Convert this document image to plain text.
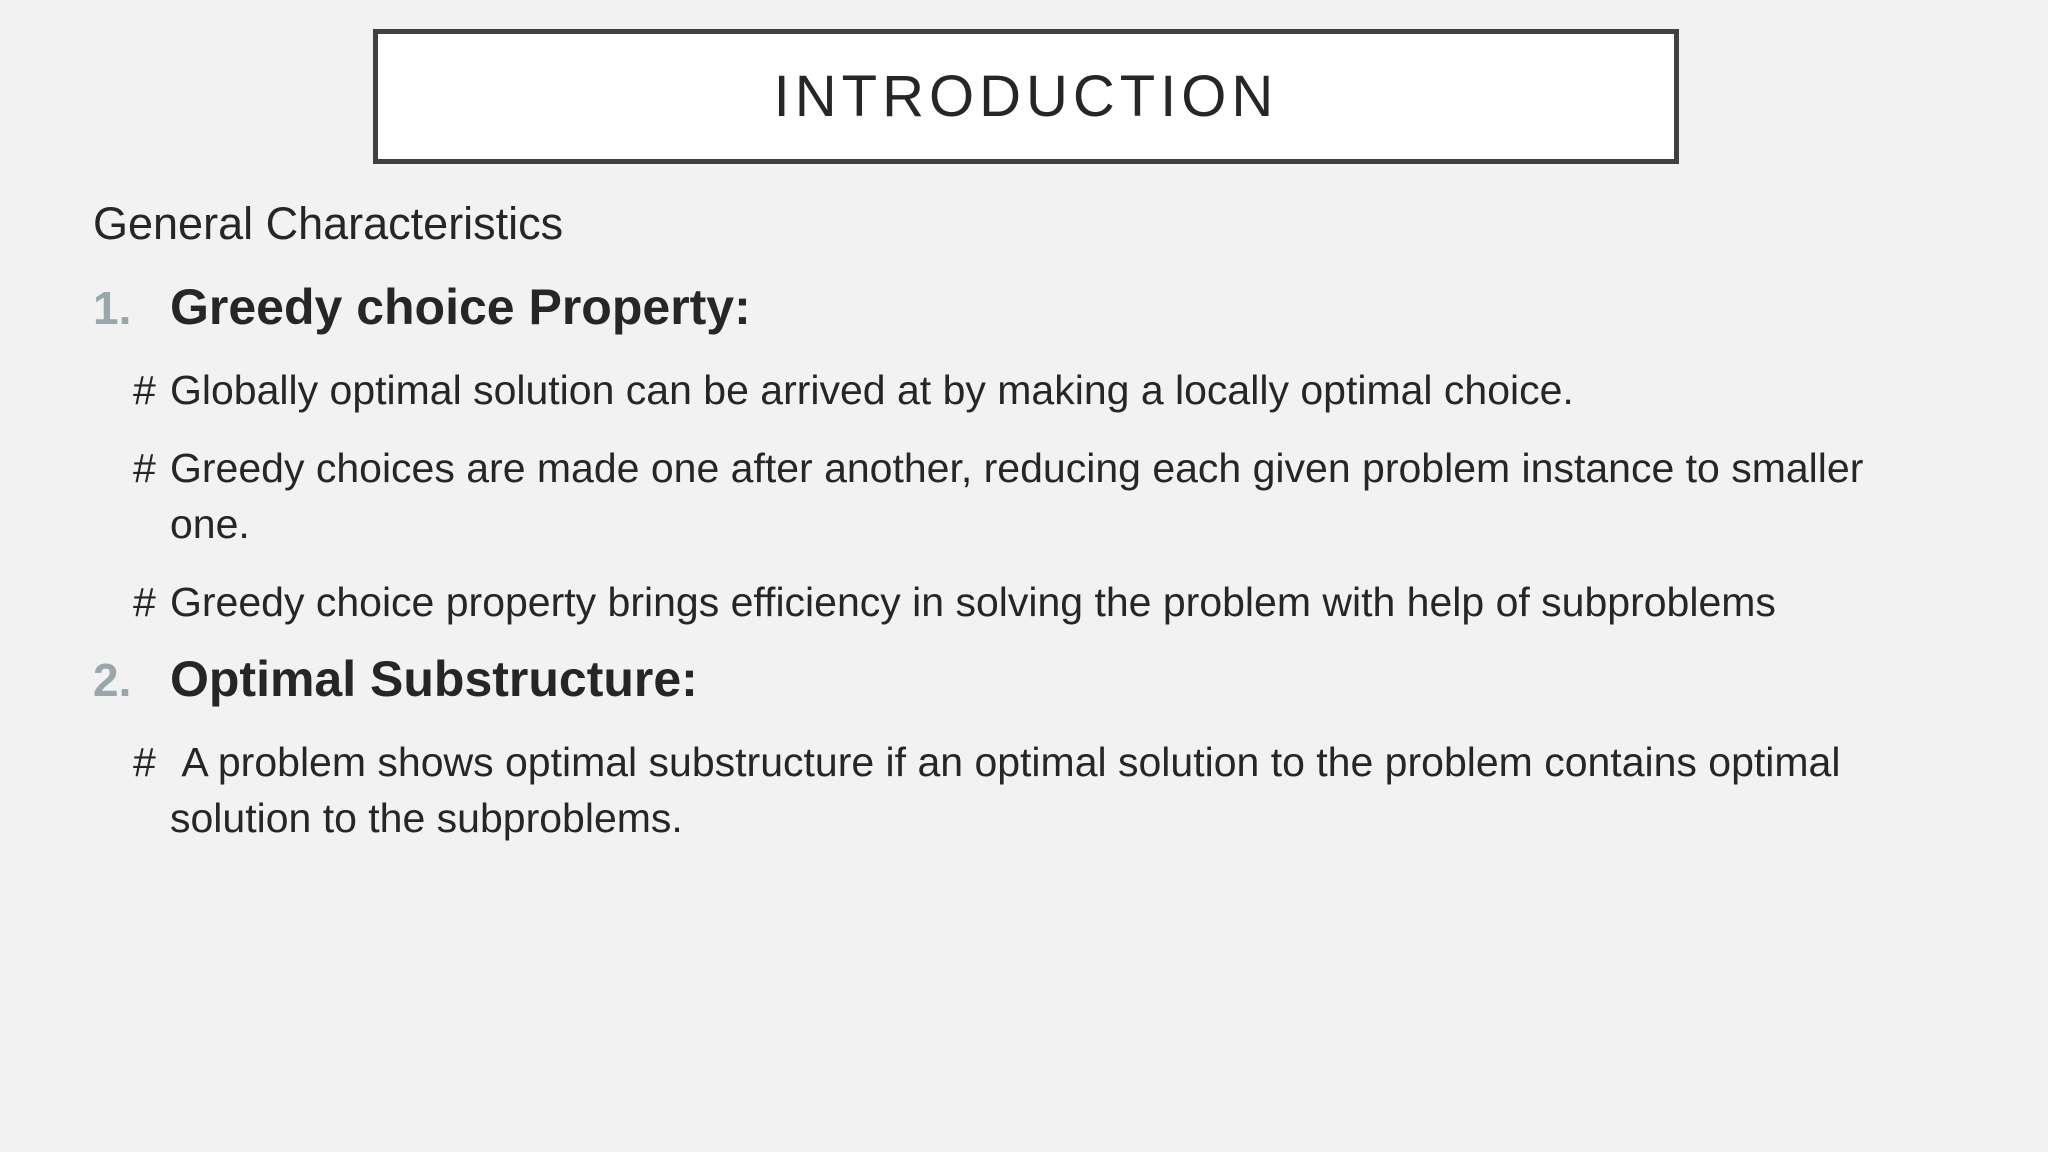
INTRODUCTION
General Characteristics
1. Greedy choice Property:
# Globally optimal solution can be arrived at by making a locally optimal choice.
# Greedy choices are made one after another, reducing each given problem instance to smaller one.
# Greedy choice property brings efficiency in solving the problem with help of subproblems
2. Optimal Substructure:
# A problem shows optimal substructure if an optimal solution to the problem contains optimal solution to the subproblems.
